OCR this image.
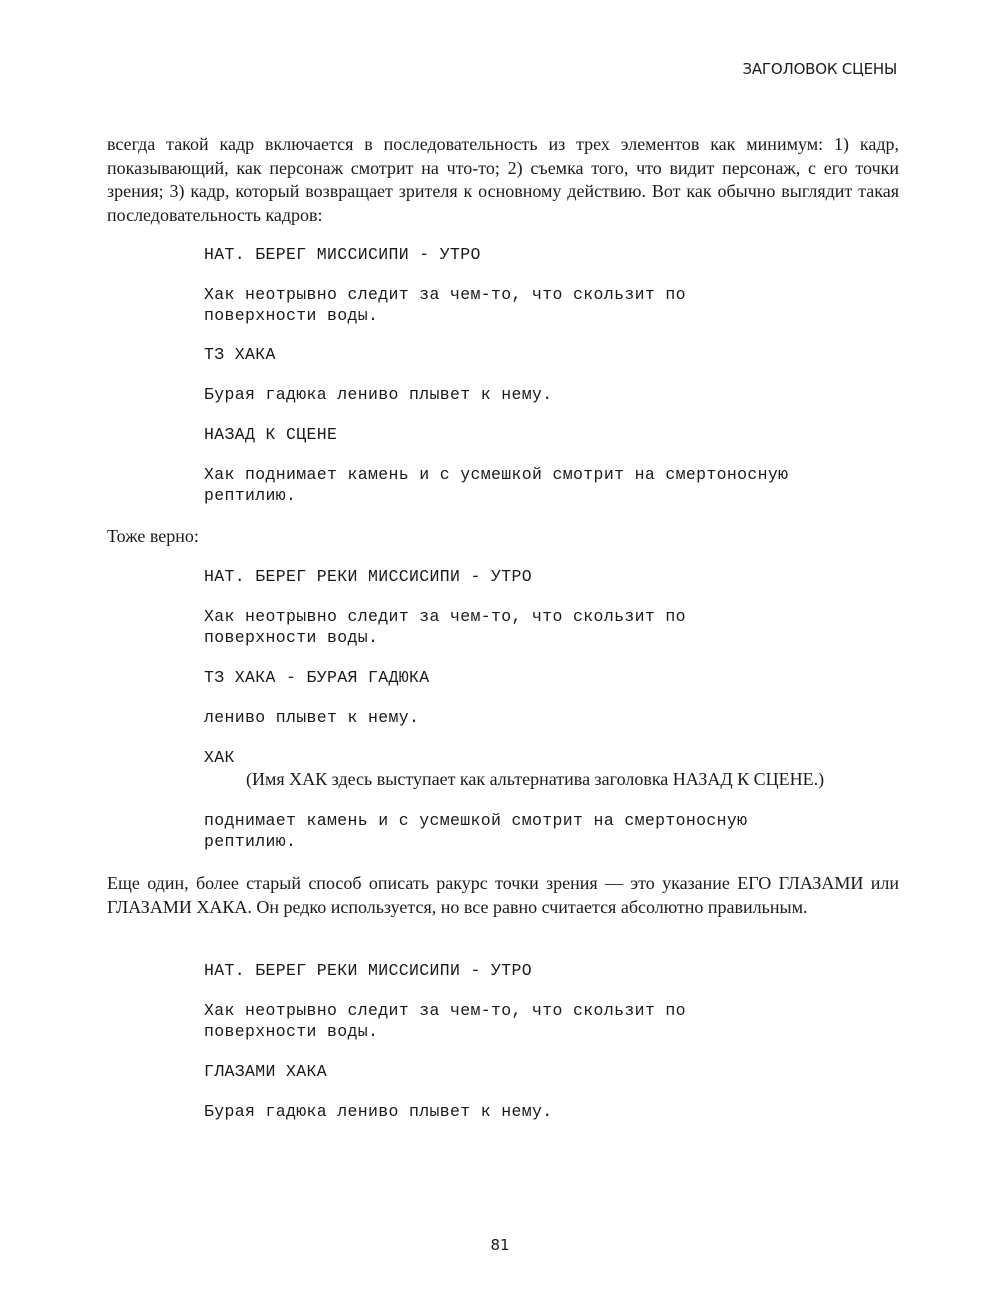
ЗАГОЛОВОК СЦЕНЫ

всегда такой кадр включается в последовательность из трех элементов как минимум: 1) кадр, показывающий, как персонаж смотрит на что-то; 2) съемка того, что видит персонаж, с его точки зрения; 3) кадр, который возвращает зрителя к основному действию. Вот как обычно выглядит такая последовательность кадров:

НАТ. БЕРЕГ МИССИСИПИ - УТРО

Хак неотрывно следит за чем-то, что скользит по
поверхности воды.

ТЗ ХАКА

Бурая гадюка лениво плывет к нему.

НАЗАД К СЦЕНЕ

Хак поднимает камень и с усмешкой смотрит на смертоносную
рептилию.

Тоже верно:

НАТ. БЕРЕГ РЕКИ МИССИСИПИ - УТРО

Хак неотрывно следит за чем-то, что скользит по
поверхности воды.

ТЗ ХАКА - БУРАЯ ГАДЮКА

лениво плывет к нему.

ХАК

(Имя ХАК здесь выступает как альтернатива заголовка НАЗАД К СЦЕНЕ.)

поднимает камень и с усмешкой смотрит на смертоносную
рептилию.

Еще один, более старый способ описать ракурс точки зрения — это указание ЕГО ГЛАЗАМИ или ГЛАЗАМИ ХАКА. Он редко используется, но все равно считается абсолютно правильным.

НАТ. БЕРЕГ РЕКИ МИССИСИПИ - УТРО

Хак неотрывно следит за чем-то, что скользит по
поверхности воды.

ГЛАЗАМИ ХАКА

Бурая гадюка лениво плывет к нему.

81
